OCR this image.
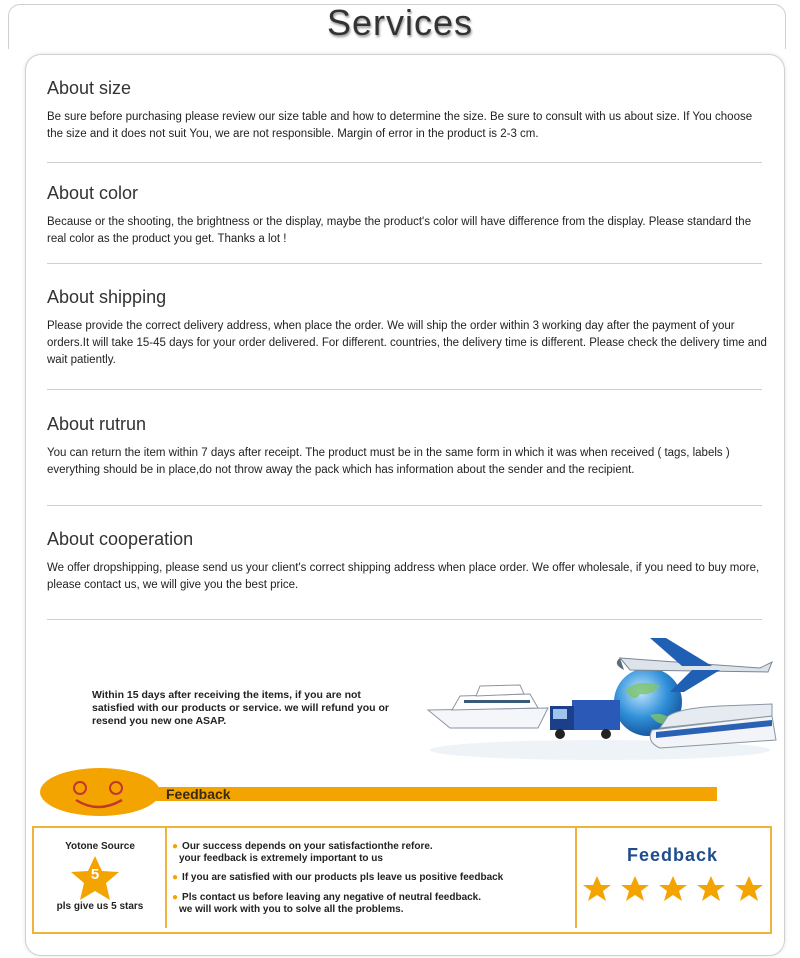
Services
About size

Be sure before purchasing please review our size table and how to determine the size. Be sure to consult with us about size. If You choose the size and it does not suit You, we are not responsible. Margin of error in the product is 2-3 cm.

About color

Because or the shooting, the brightness or the display, maybe the product's color will have difference from the display. Please standard the real color as the product you get. Thanks a lot !

About shipping

Please provide the correct delivery address, when place the order. We will ship the order within 3 working day after the payment of your orders.It will take 15-45 days for your order delivered. For different. countries, the delivery time is different. Please check the delivery time and wait patiently.

About rutrun

You can return the item within 7 days after receipt. The product must be in the same form in which it was when received ( tags, labels ) everything should be in place,do not throw away the pack which has information about the sender and the recipient.

About cooperation

We offer dropshipping, please send us your client's correct shipping address when place order. We offer wholesale, if you need to buy more, please contact us, we will give you the best price.

Within 15 days after receiving the items, if you are not satisfied with our products or service. we will refund you or resend you new one ASAP.
Feedback
Yotone Source
5
pls give us 5 stars
● Our success depends on your satisfactionthe refore.
your feedback is extremely important to us
● If you are satisfied with our products pls leave us positive feedback
● Pls contact us before leaving any negative of neutral feedback.
we will work with you to solve all the problems.
Feedback
